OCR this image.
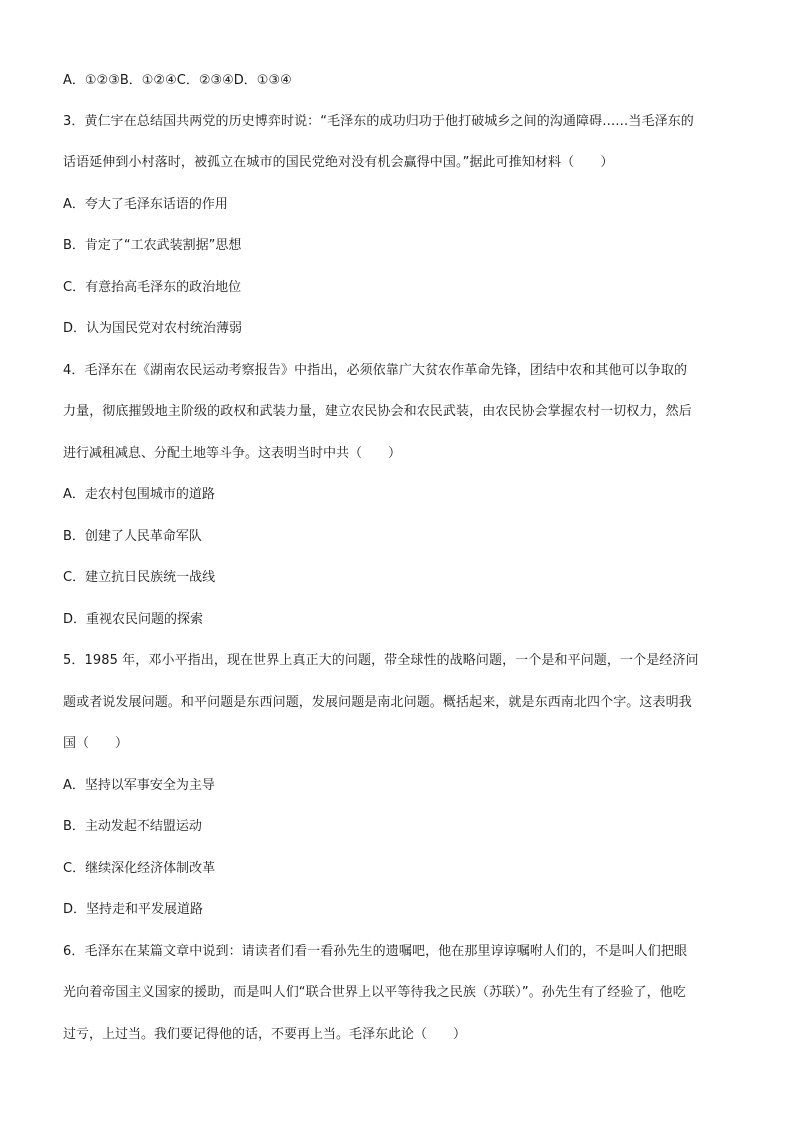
A．①②③B．①②④C．②③④D．①③④
3．黄仁宇在总结国共两党的历史博弈时说：“毛泽东的成功归功于他打破城乡之间的沟通障碍……当毛泽东的
话语延伸到小村落时，被孤立在城市的国民党绝对没有机会赢得中国。”据此可推知材料（　　）
A．夸大了毛泽东话语的作用
B．肯定了“工农武装割据”思想
C．有意抬高毛泽东的政治地位
D．认为国民党对农村统治薄弱
4．毛泽东在《湖南农民运动考察报告》中指出，必须依靠广大贫农作革命先锋，团结中农和其他可以争取的
力量，彻底摧毁地主阶级的政权和武装力量，建立农民协会和农民武装，由农民协会掌握农村一切权力，然后
进行减租减息、分配土地等斗争。这表明当时中共（　　）
A．走农村包围城市的道路
B．创建了人民革命军队
C．建立抗日民族统一战线
D．重视农民问题的探索
5．1985 年，邓小平指出，现在世界上真正大的问题，带全球性的战略问题，一个是和平问题，一个是经济问
题或者说发展问题。和平问题是东西问题，发展问题是南北问题。概括起来，就是东西南北四个字。这表明我
国（　　）
A．坚持以军事安全为主导
B．主动发起不结盟运动
C．继续深化经济体制改革
D．坚持走和平发展道路
6．毛泽东在某篇文章中说到：请读者们看一看孙先生的遗嘱吧，他在那里谆谆嘱咐人们的，不是叫人们把眼
光向着帝国主义国家的援助，而是叫人们“联合世界上以平等待我之民族（苏联）”。孙先生有了经验了，他吃
过亏，上过当。我们要记得他的话，不要再上当。毛泽东此论（　　）
